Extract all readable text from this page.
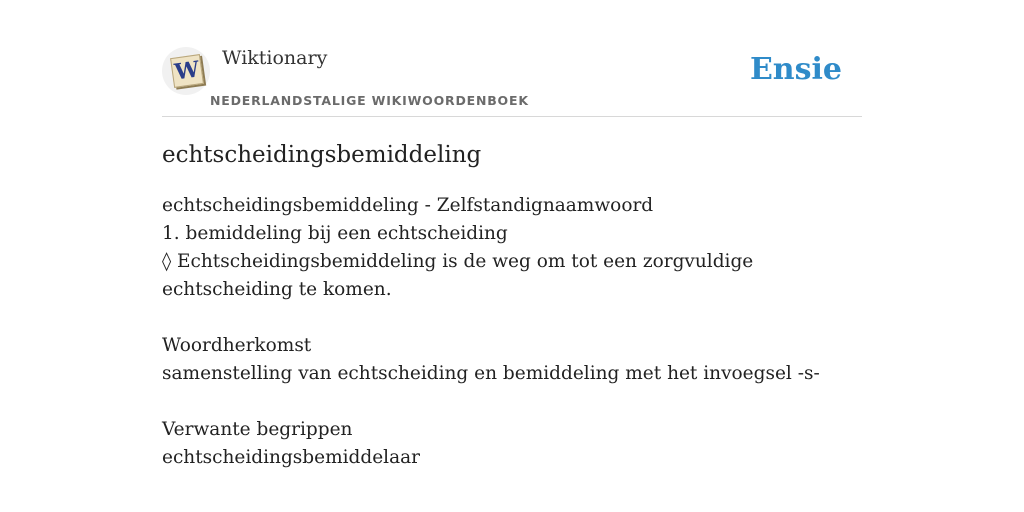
W Wiktionary
NEDERLANDSTALIGE WIKIWOORDENBOEK
Ensie
echtscheidingsbemiddeling
echtscheidingsbemiddeling - Zelfstandignaamwoord
1. bemiddeling bij een echtscheiding
◊ Echtscheidingsbemiddeling is de weg om tot een zorgvuldige echtscheiding te komen.
Woordherkomst
samenstelling van echtscheiding en bemiddeling met het invoegsel -s-
Verwante begrippen
echtscheidingsbemiddelaar
